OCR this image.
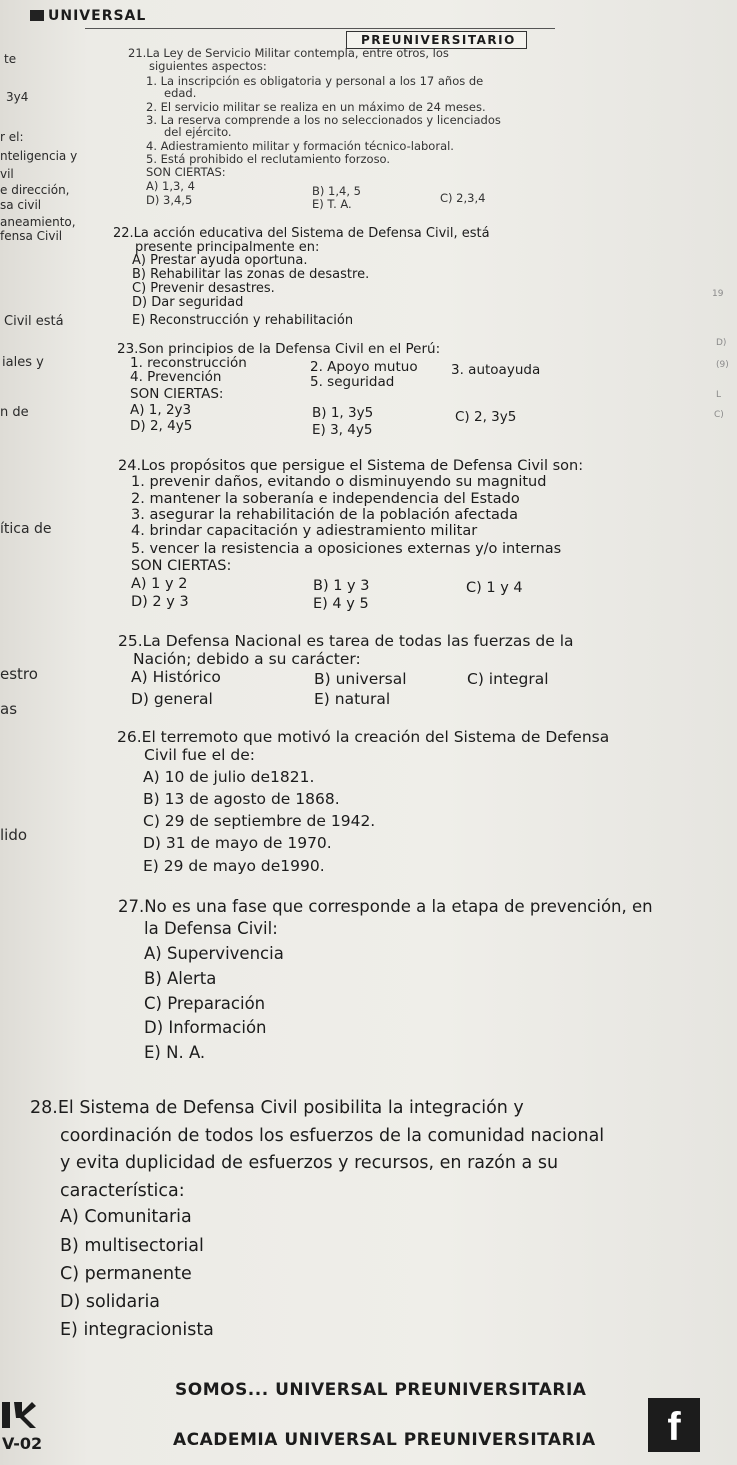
UNIVERSAL
PREUNIVERSITARIO
te
3y4
r el:
nteligencia y
vil
e dirección,
sa civil
aneamiento,
fensa Civil
Civil está
iales y
n de
ítica de
estro
as
lido
D)
L
19
(9)
C)
21.La Ley de Servicio Militar contempla, entre otros, los
siguientes aspectos:
1. La inscripción es obligatoria y personal a los 17 años de
edad.
2. El servicio militar se realiza en un máximo de 24 meses.
3. La reserva comprende a los no seleccionados y licenciados
del ejército.
4. Adiestramiento militar y formación técnico-laboral.
5. Está prohibido el reclutamiento forzoso.
SON CIERTAS:
A) 1,3, 4	B) 1,4, 5	C) 2,3,4
D) 3,4,5	E) T. A.
22.La acción educativa del Sistema de Defensa Civil, está
presente principalmente en:
A) Prestar ayuda oportuna.
B) Rehabilitar las zonas de desastre.
C) Prevenir desastres.
D) Dar seguridad
E) Reconstrucción y rehabilitación
23.Son principios de la Defensa Civil en el Perú:
1. reconstrucción	2. Apoyo mutuo 3. autoayuda
4. Prevención	5. seguridad
SON CIERTAS:
A) 1, 2y3	B) 1, 3y5	C) 2, 3y5
D) 2, 4y5	E) 3, 4y5
24.Los propósitos que persigue el Sistema de Defensa Civil son:
1. prevenir daños, evitando o disminuyendo su magnitud
2. mantener la soberanía e independencia del Estado
3. asegurar la rehabilitación de la población afectada
4. brindar capacitación y adiestramiento militar
5. vencer la resistencia a oposiciones externas y/o internas
SON CIERTAS:
A) 1 y 2	B) 1 y 3	C) 1 y 4
D) 2 y 3	E) 4 y 5
25.La Defensa Nacional es tarea de todas las fuerzas de la
Nación; debido a su carácter:
A) Histórico	B) universal	C) integral
D) general	E) natural
26.El terremoto que motivó la creación del Sistema de Defensa
Civil fue el de:
A) 10 de julio de1821.
B) 13 de agosto de 1868.
C) 29 de septiembre de 1942.
D) 31 de mayo de 1970.
E) 29 de mayo de1990.
27.No es una fase que corresponde a la etapa de prevención, en
la Defensa Civil:
A) Supervivencia
B) Alerta
C) Preparación
D) Información
E) N. A.
28.El Sistema de Defensa Civil posibilita la integración y
coordinación de todos los esfuerzos de la comunidad nacional
y evita duplicidad de esfuerzos y recursos, en razón a su
característica:
A) Comunitaria
B) multisectorial
C) permanente
D) solidaria
E) integracionista
SOMOS... UNIVERSAL PREUNIVERSITARIA
V-02	ACADEMIA UNIVERSAL PREUNIVERSITARIA	f
